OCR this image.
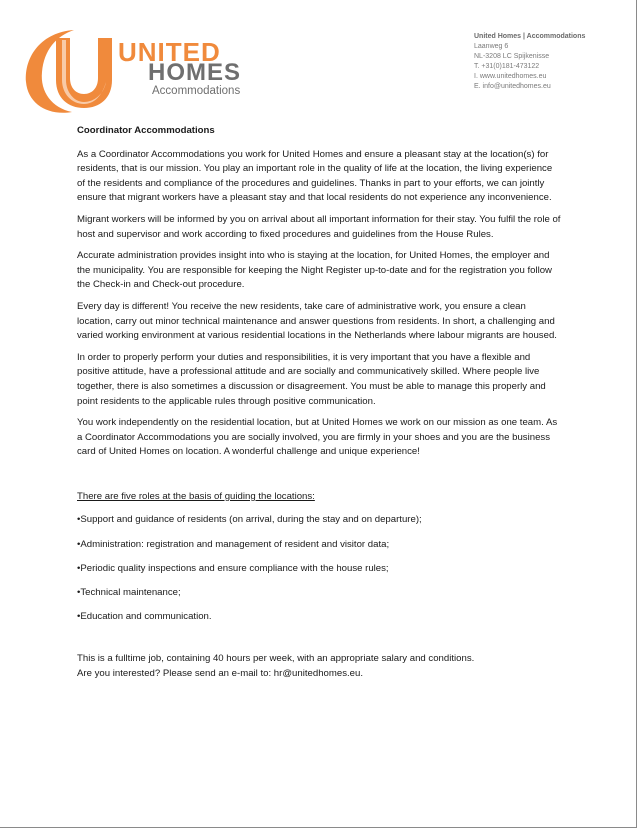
UNITED
HOMES
Accommodations
United Homes | Accommodations
Laanweg 6
NL-3208 LC Spijkenisse
T. +31(0)181-473122
I. www.unitedhomes.eu
E. info@unitedhomes.eu

Coordinator Accommodations

As a Coordinator Accommodations you work for United Homes and ensure a pleasant stay at the location(s) for residents, that is our mission. You play an important role in the quality of life at the location, the living experience of the residents and compliance of the procedures and guidelines. Thanks in part to your efforts, we can jointly ensure that migrant workers have a pleasant stay and that local residents do not experience any inconvenience.

Migrant workers will be informed by you on arrival about all important information for their stay. You fulfil the role of host and supervisor and work according to fixed procedures and guidelines from the House Rules.

Accurate administration provides insight into who is staying at the location, for United Homes, the employer and the municipality. You are responsible for keeping the Night Register up-to-date and for the registration you follow the Check-in and Check-out procedure.

Every day is different! You receive the new residents, take care of administrative work, you ensure a clean location, carry out minor technical maintenance and answer questions from residents. In short, a challenging and varied working environment at various residential locations in the Netherlands where labour migrants are housed.

In order to properly perform your duties and responsibilities, it is very important that you have a flexible and positive attitude, have a professional attitude and are socially and communicatively skilled. Where people live together, there is also sometimes a discussion or disagreement. You must be able to manage this properly and point residents to the applicable rules through positive communication.

You work independently on the residential location, but at United Homes we work on our mission as one team. As a Coordinator Accommodations you are socially involved, you are firmly in your shoes and you are the business card of United Homes on location. A wonderful challenge and unique experience!

There are five roles at the basis of guiding the locations:

•Support and guidance of residents (on arrival, during the stay and on departure);

•Administration: registration and management of resident and visitor data;

•Periodic quality inspections and ensure compliance with the house rules;

•Technical maintenance;

•Education and communication.

This is a fulltime job, containing 40 hours per week, with an appropriate salary and conditions.

Are you interested? Please send an e-mail to: hr@unitedhomes.eu.
